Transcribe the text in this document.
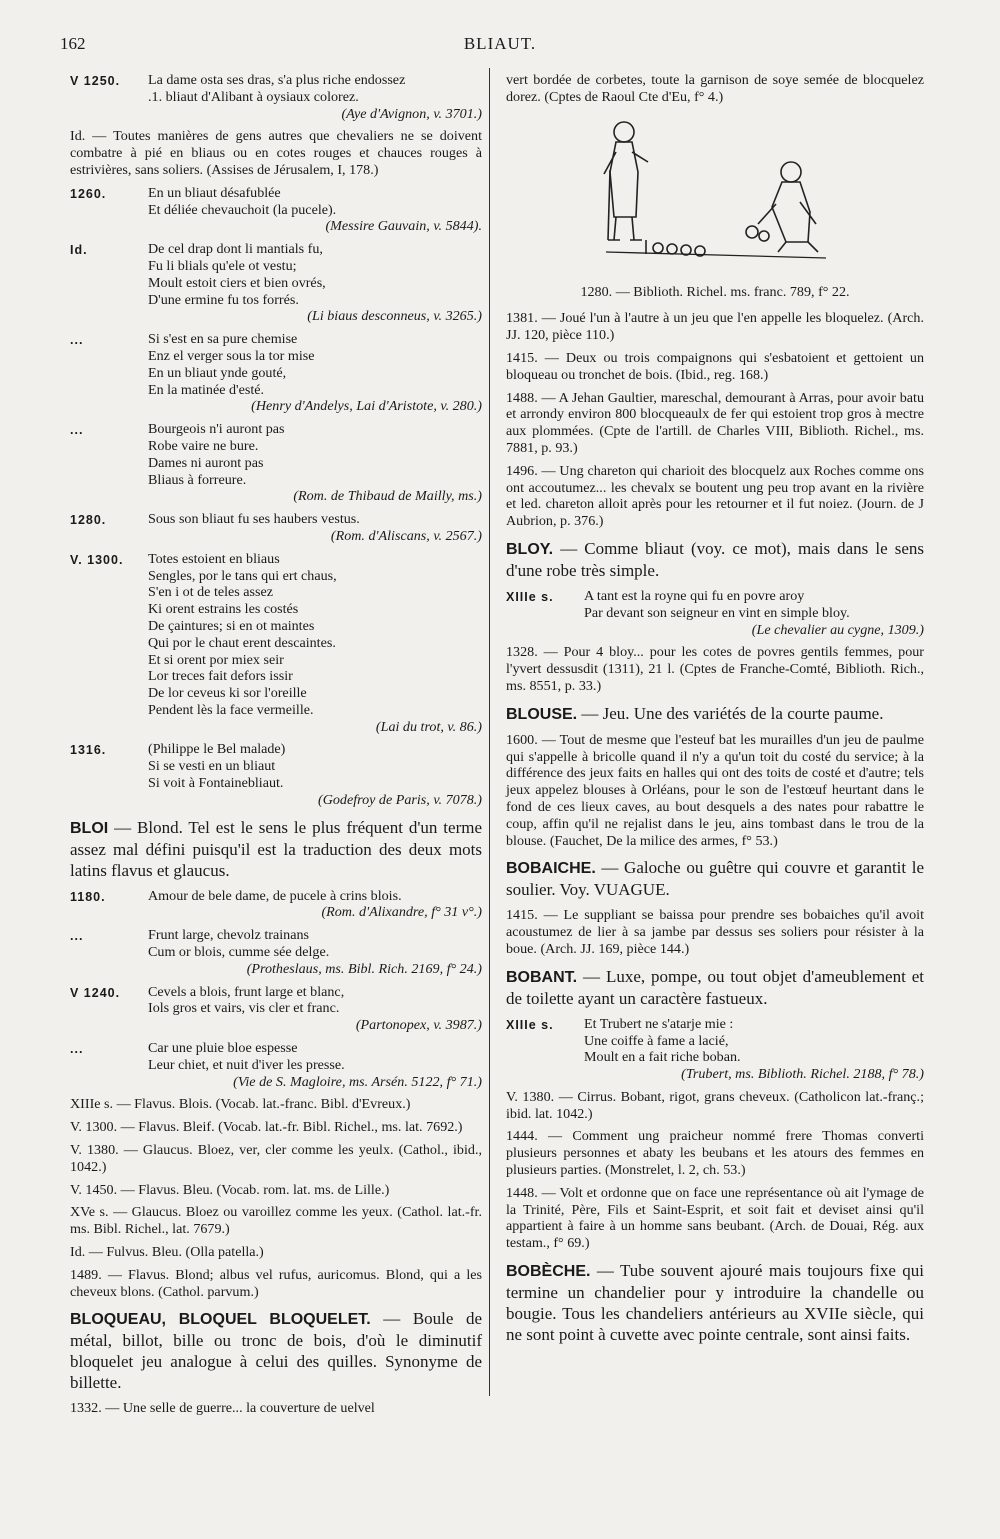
162	BLIAUT.
V 1250.	La dame osta ses dras, s'a plus riche endossez
.1. bliaut d'Alibant à oysiaux colorez.
(Aye d'Avignon, v. 3701.)

Id. — Toutes manières de gens autres que chevaliers ne se doivent combatre à pié en bliaus ou en cotes rouges et chauces rouges à estrivières, sans soliers. (Assises de Jérusalem, I, 178.)

1260.	En un bliaut désafublée
Et déliée chevauchoit (la pucele).
(Messire Gauvain, v. 5844).
Id.	De cel drap dont li mantials fu,
Fu li blials qu'ele ot vestu;
Moult estoit ciers et bien ovrés,
D'une ermine fu tos forrés.
(Li biaus desconneus, v. 3265.)
...	Si s'est en sa pure chemise
Enz el verger sous la tor mise
En un bliaut ynde gouté,
En la matinée d'esté.
(Henry d'Andelys, Lai d'Aristote, v. 280.)
...	Bourgeois n'i auront pas
Robe vaire ne bure.
Dames ni auront pas
Bliaus à forreure.
(Rom. de Thibaud de Mailly, ms.)
1280.	Sous son bliaut fu ses haubers vestus.
(Rom. d'Aliscans, v. 2567.)
V. 1300.	Totes estoient en bliaus
Sengles, por le tans qui ert chaus,
S'en i ot de teles assez
Ki orent estrains les costés
De çaintures; si en ot maintes
Qui por le chaut erent descaintes.
Et si orent por miex seir
Lor treces fait defors issir
De lor ceveus ki sor l'oreille
Pendent lès la face vermeille.
(Lai du trot, v. 86.)
1316.	(Philippe le Bel malade)
Si se vesti en un bliaut
Si voit à Fontainebliaut.
(Godefroy de Paris, v. 7078.)

BLOI — Blond. Tel est le sens le plus fréquent d'un terme assez mal défini puisqu'il est la traduction des deux mots latins flavus et glaucus.

1180.	Amour de bele dame, de pucele à crins blois.
(Rom. d'Alixandre, f° 31 v°.)
...	Frunt large, chevolz trainans
Cum or blois, cumme sée delge.
(Protheslaus, ms. Bibl. Rich. 2169, f° 24.)
V 1240.	Cevels a blois, frunt large et blanc,
Iols gros et vairs, vis cler et franc.
(Partonopex, v. 3987.)
...	Car une pluie bloe espesse
Leur chiet, et nuit d'iver les presse.
(Vie de S. Magloire, ms. Arsén. 5122, f° 71.)

XIIIe s. — Flavus. Blois. (Vocab. lat.-franc. Bibl. d'Evreux.)

V. 1300. — Flavus. Bleif. (Vocab. lat.-fr. Bibl. Richel., ms. lat. 7692.)

V. 1380. — Glaucus. Bloez, ver, cler comme les yeulx. (Cathol., ibid., 1042.)

V. 1450. — Flavus. Bleu. (Vocab. rom. lat. ms. de Lille.)

XVe s. — Glaucus. Bloez ou varoillez comme les yeux. (Cathol. lat.-fr. ms. Bibl. Richel., lat. 7679.)

Id. — Fulvus. Bleu. (Olla patella.)

1489. — Flavus. Blond; albus vel rufus, auricomus. Blond, qui a les cheveux blons. (Cathol. parvum.)

BLOQUEAU, BLOQUEL BLOQUELET. — Boule de métal, billot, bille ou tronc de bois, d'où le diminutif bloquelet jeu analogue à celui des quilles. Synonyme de billette.

1332. — Une selle de guerre... la couverture de uelvel

vert bordée de corbetes, toute la garnison de soye semée de blocquelez dorez. (Cptes de Raoul Cte d'Eu, f° 4.)

1280. — Biblioth. Richel. ms. franc. 789, f° 22.

1381. — Joué l'un à l'autre à un jeu que l'en appelle les bloquelez. (Arch. JJ. 120, pièce 110.)

1415. — Deux ou trois compaignons qui s'esbatoient et gettoient un bloqueau ou tronchet de bois. (Ibid., reg. 168.)

1488. — A Jehan Gaultier, mareschal, demourant à Arras, pour avoir batu et arrondy environ 800 blocqueaulx de fer qui estoient trop gros à mectre aux plommées. (Cpte de l'artill. de Charles VIII, Biblioth. Richel., ms. 7881, p. 93.)

1496. — Ung chareton qui charioit des blocquelz aux Roches comme ons ont accoutumez... les chevalx se boutent ung peu trop avant en la rivière et led. chareton alloit après pour les retourner et il fut noiez. (Journ. de J Aubrion, p. 376.)

BLOY. — Comme bliaut (voy. ce mot), mais dans le sens d'une robe très simple.

XIIIe s.	A tant est la royne qui fu en povre aroy
Par devant son seigneur en vint en simple bloy.
(Le chevalier au cygne, 1309.)

1328. — Pour 4 bloy... pour les cotes de povres gentils femmes, pour l'yvert dessusdit (1311), 21 l. (Cptes de Franche-Comté, Biblioth. Rich., ms. 8551, p. 33.)

BLOUSE. — Jeu. Une des variétés de la courte paume.

1600. — Tout de mesme que l'esteuf bat les murailles d'un jeu de paulme qui s'appelle à bricolle quand il n'y a qu'un toit du costé du service; à la différence des jeux faits en halles qui ont des toits de costé et d'autre; tels jeux appelez blouses à Orléans, pour le son de l'estœuf heurtant dans le fond de ces lieux caves, au bout desquels a des nates pour rabattre le coup, affin qu'il ne rejalist dans le jeu, ains tombast dans le trou de la blouse. (Fauchet, De la milice des armes, f° 53.)

BOBAICHE. — Galoche ou guêtre qui couvre et garantit le soulier. Voy. VUAGUE.

1415. — Le suppliant se baissa pour prendre ses bobaiches qu'il avoit acoustumez de lier à sa jambe par dessus ses soliers pour résister à la boue. (Arch. JJ. 169, pièce 144.)

BOBANT. — Luxe, pompe, ou tout objet d'ameublement et de toilette ayant un caractère fastueux.

XIIIe s.	Et Trubert ne s'atarje mie :
Une coiffe à fame a lacié,
Moult en a fait riche boban.
(Trubert, ms. Biblioth. Richel. 2188, f° 78.)

V. 1380. — Cirrus. Bobant, rigot, grans cheveux. (Catholicon lat.-franç.; ibid. lat. 1042.)

1444. — Comment ung praicheur nommé frere Thomas converti plusieurs personnes et abaty les beubans et les atours des femmes en plusieurs parties. (Monstrelet, l. 2, ch. 53.)

1448. — Volt et ordonne que on face une représentance où ait l'ymage de la Trinité, Père, Fils et Saint-Esprit, et soit fait et deviset ainsi qu'il appartient à faire à un homme sans beubant. (Arch. de Douai, Rég. aux testam., f° 69.)

BOBÈCHE. — Tube souvent ajouré mais toujours fixe qui termine un chandelier pour y introduire la chandelle ou bougie. Tous les chandeliers antérieurs au XVIIe siècle, qui ne sont point à cuvette avec pointe centrale, sont ainsi faits.
